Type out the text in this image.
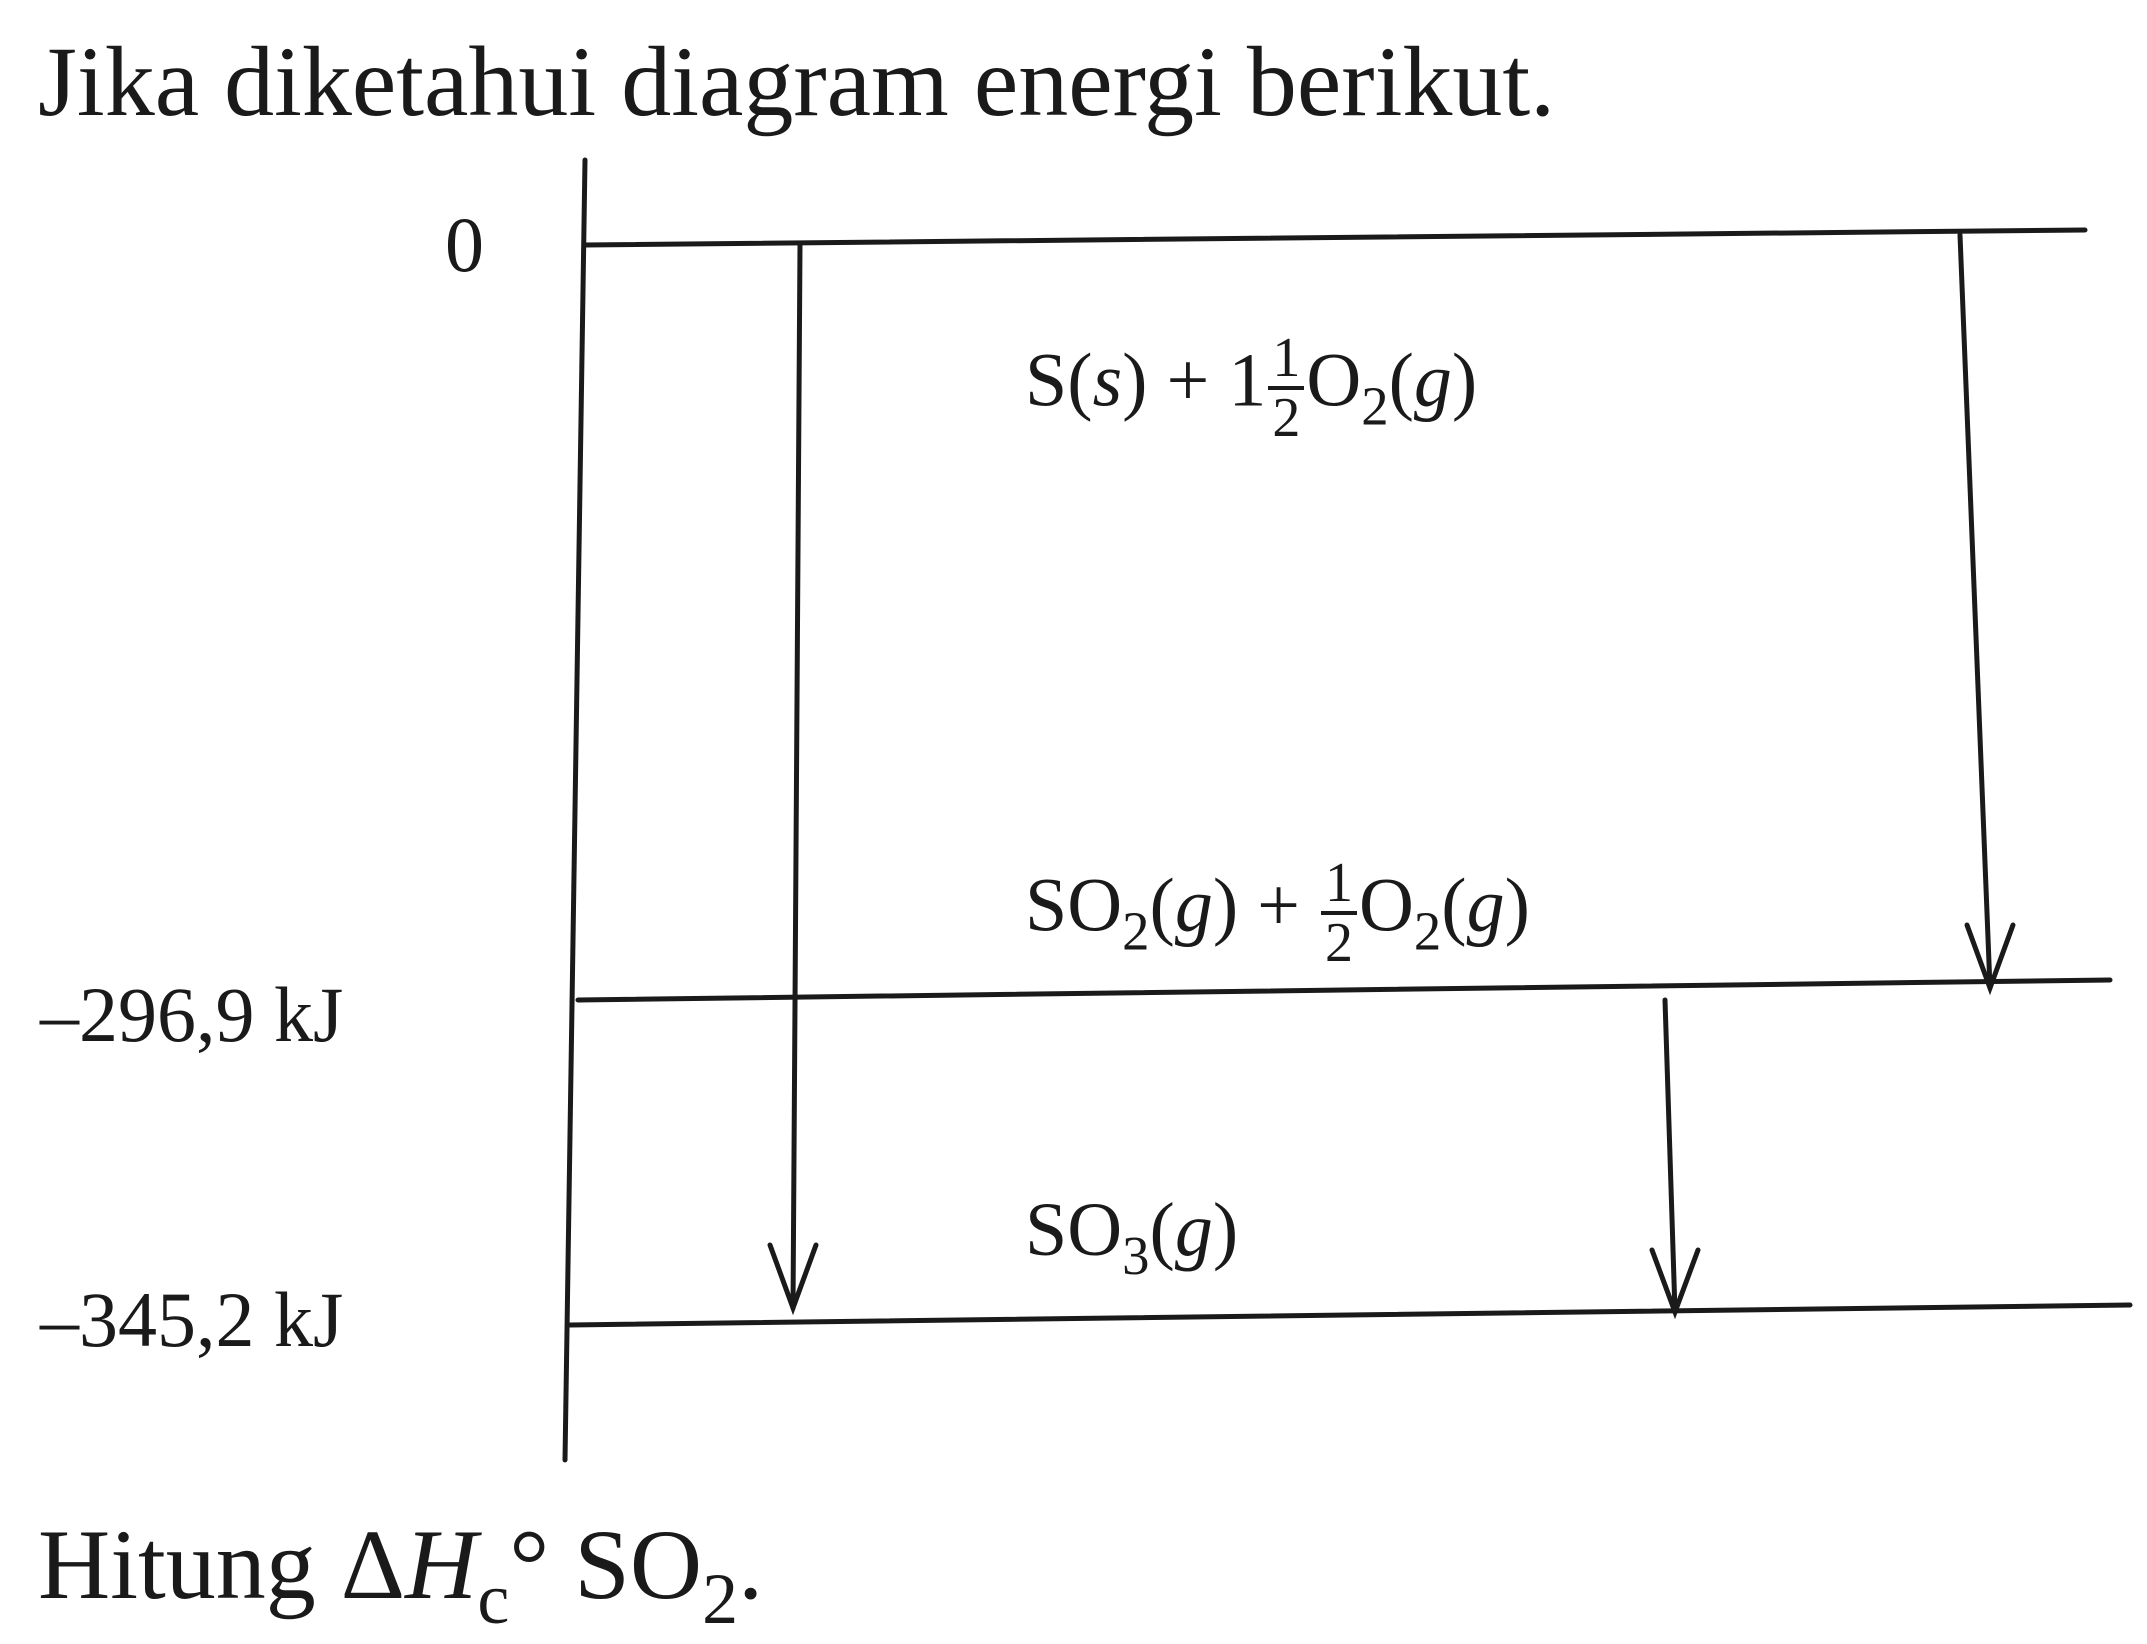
Jika diketahui diagram energi berikut.
0
–296,9 kJ
–345,2 kJ
$S(s) + 1 \frac{1}{2} O_2(g)$
$SO_2(g) + \frac{1}{2} O_2(g)$
$SO_3(g)$
Hitung $\Delta H_c^\circ$ $SO_2$.
